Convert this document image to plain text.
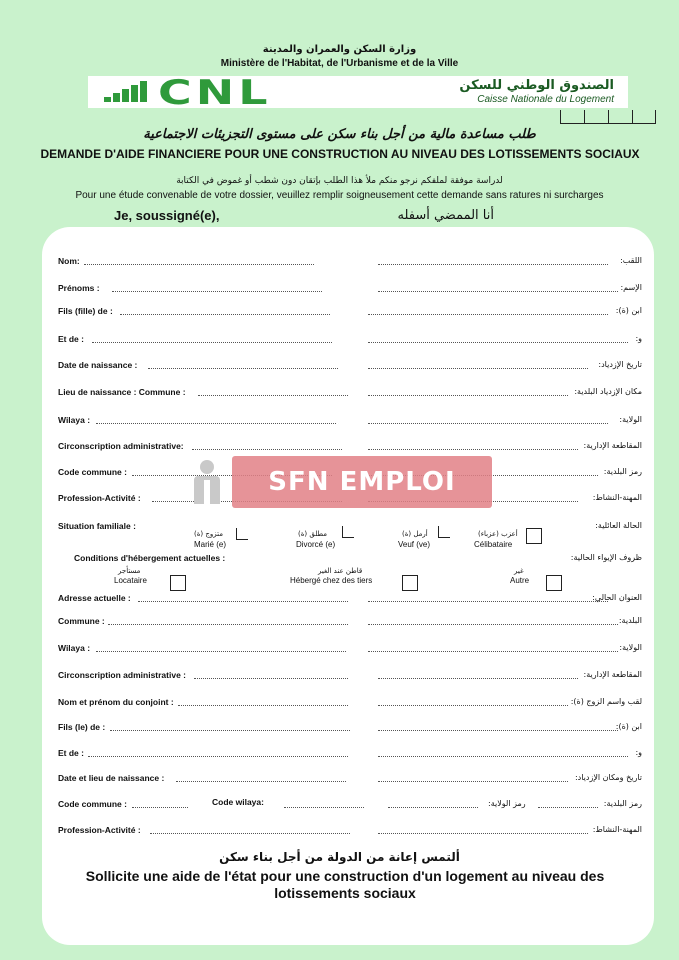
وزارة السكن والعمران والمدينة
Ministère de l'Habitat, de l'Urbanisme et de la Ville
CNL	الصندوق الوطني للسكن
Caisse Nationale du Logement
طلب مساعدة مالية من أجل بناء سكن على مستوى التجزيئات الاجتماعية
DEMANDE D'AIDE FINANCIERE POUR UNE CONSTRUCTION AU NIVEAU DES LOTISSEMENTS SOCIAUX
لدراسة موفقة لملفكم نرجو منكم ملأ هذا الطلب بإتقان دون شطب أو غموض في الكتابة
Pour une étude convenable de votre dossier, veuillez remplir soigneusement cette demande sans ratures ni surcharges
Je, soussigné(e),	أنا الممضي أسفله
Nom:	اللقب:
Prénoms :	الإسم:
Fils (fille) de :	ابن (ة):
Et de :	و:
Date de naissance :	تاريخ الإزدياد:
Lieu de naissance : Commune :	مكان الإزدياد البلدية:
Wilaya :	الولاية:
Circonscription administrative:	المقاطعة الإدارية:
Code commune :	رمز البلدية:
Profession-Activité :	المهنة-النشاط:
Situation familiale :	الحالة العائلية:
متزوج (ة)
Marié (e)
مطلق (ة)
Divorcé (e)
أرمل (ة)
Veuf (ve)
أعزب (عزباء)
Célibataire
Conditions d'hébergement actuelles :	ظروف الإيواء الحالية:
مستأجر
Locataire
قاطن عند الغير
Hébergé chez des tiers
غير
Autre
Adresse actuelle :	العنوان الحالي:
Commune :	البلدية:
Wilaya :	الولاية:
Circonscription administrative :	المقاطعة الإدارية:
Nom et prénom du conjoint :	لقب واسم الزوج (ة):
Fils (le) de :	ابن (ة):
Et de :	و:
Date et lieu de naissance :	تاريخ ومكان الإزدياد:
Code commune :	Code wilaya:	رمز الولاية:	رمز البلدية:
Profession-Activité :	المهنة-النشاط:
ألتمس إعانة من الدولة من أجل بناء سكن
Sollicite une aide de l'état pour une construction d'un logement au niveau des lotissements sociaux
SFN EMPLOI
